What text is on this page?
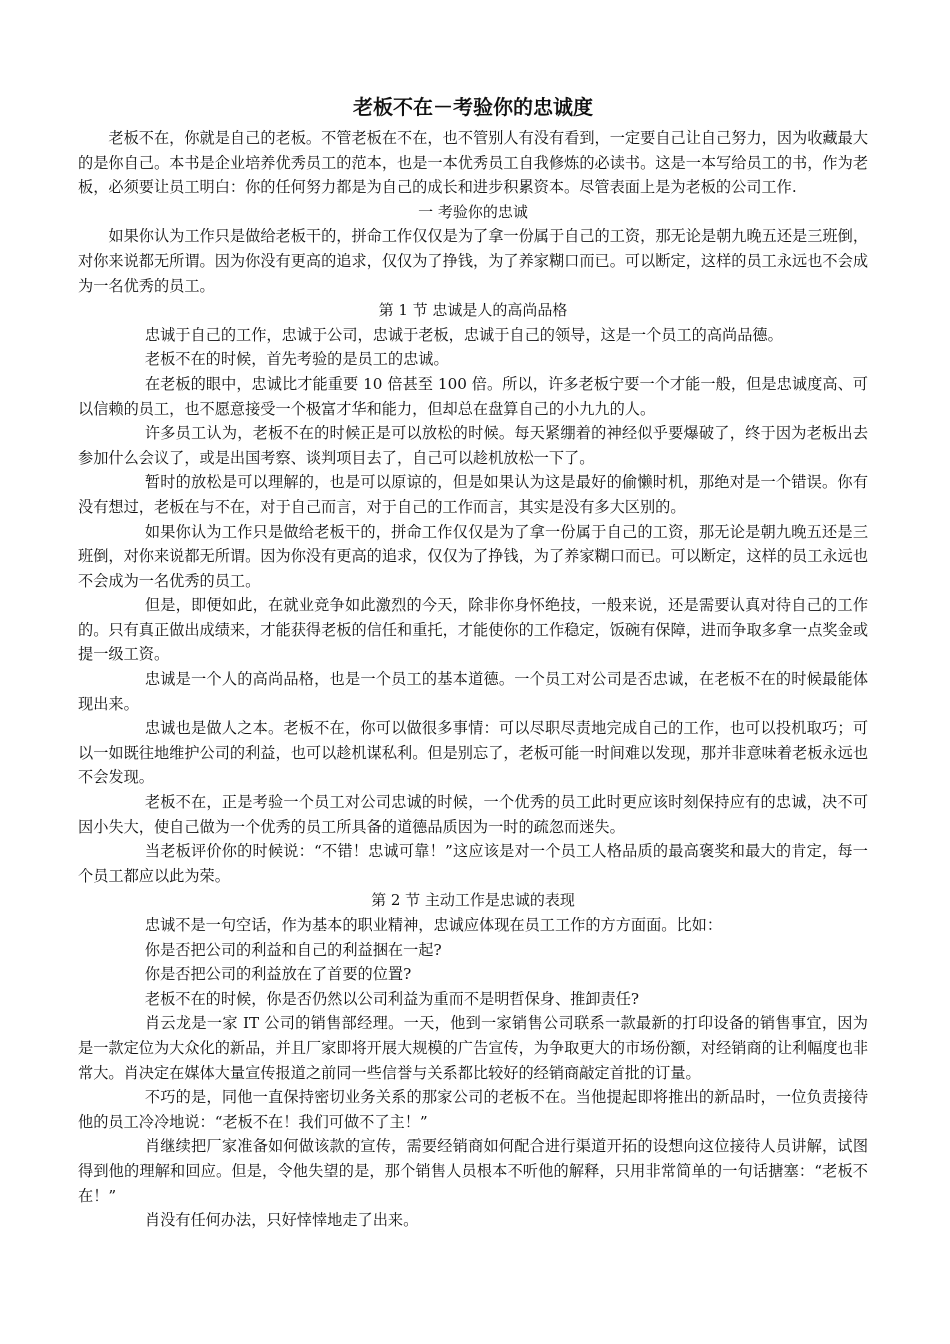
老板不在－考验你的忠诚度

老板不在，你就是自己的老板。不管老板在不在，也不管别人有没有看到，一定要自己让自己努力，因为收藏最大的是你自己。本书是企业培养优秀员工的范本，也是一本优秀员工自我修炼的必读书。这是一本写给员工的书，作为老板，必须要让员工明白：你的任何努力都是为自己的成长和进步积累资本。尽管表面上是为老板的公司工作.

一 考验你的忠诚

如果你认为工作只是做给老板干的，拼命工作仅仅是为了拿一份属于自己的工资，那无论是朝九晚五还是三班倒，对你来说都无所谓。因为你没有更高的追求，仅仅为了挣钱，为了养家糊口而已。可以断定，这样的员工永远也不会成为一名优秀的员工。

第 1 节 忠诚是人的高尚品格

忠诚于自己的工作，忠诚于公司，忠诚于老板，忠诚于自己的领导，这是一个员工的高尚品德。

老板不在的时候，首先考验的是员工的忠诚。

在老板的眼中，忠诚比才能重要 10 倍甚至 100 倍。所以，许多老板宁要一个才能一般，但是忠诚度高、可以信赖的员工，也不愿意接受一个极富才华和能力，但却总在盘算自己的小九九的人。

许多员工认为，老板不在的时候正是可以放松的时候。每天紧绷着的神经似乎要爆破了，终于因为老板出去参加什么会议了，或是出国考察、谈判项目去了，自己可以趁机放松一下了。

暂时的放松是可以理解的，也是可以原谅的，但是如果认为这是最好的偷懒时机，那绝对是一个错误。你有没有想过，老板在与不在，对于自己而言，对于自己的工作而言，其实是没有多大区别的。

如果你认为工作只是做给老板干的，拼命工作仅仅是为了拿一份属于自己的工资，那无论是朝九晚五还是三班倒，对你来说都无所谓。因为你没有更高的追求，仅仅为了挣钱，为了养家糊口而已。可以断定，这样的员工永远也不会成为一名优秀的员工。

但是，即便如此，在就业竞争如此激烈的今天，除非你身怀绝技，一般来说，还是需要认真对待自己的工作的。只有真正做出成绩来，才能获得老板的信任和重托，才能使你的工作稳定，饭碗有保障，进而争取多拿一点奖金或提一级工资。

忠诚是一个人的高尚品格，也是一个员工的基本道德。一个员工对公司是否忠诚，在老板不在的时候最能体现出来。

忠诚也是做人之本。老板不在，你可以做很多事情：可以尽职尽责地完成自己的工作，也可以投机取巧；可以一如既往地维护公司的利益，也可以趁机谋私利。但是别忘了，老板可能一时间难以发现，那并非意味着老板永远也不会发现。

老板不在，正是考验一个员工对公司忠诚的时候，一个优秀的员工此时更应该时刻保持应有的忠诚，决不可因小失大，使自己做为一个优秀的员工所具备的道德品质因为一时的疏忽而迷失。

当老板评价你的时候说：“不错！忠诚可靠！”这应该是对一个员工人格品质的最高褒奖和最大的肯定，每一个员工都应以此为荣。

第 2 节 主动工作是忠诚的表现

忠诚不是一句空话，作为基本的职业精神，忠诚应体现在员工工作的方方面面。比如：

你是否把公司的利益和自己的利益捆在一起?

你是否把公司的利益放在了首要的位置?

老板不在的时候，你是否仍然以公司利益为重而不是明哲保身、推卸责任?

肖云龙是一家 IT 公司的销售部经理。一天，他到一家销售公司联系一款最新的打印设备的销售事宜，因为是一款定位为大众化的新品，并且厂家即将开展大规模的广告宣传，为争取更大的市场份额，对经销商的让利幅度也非常大。肖决定在媒体大量宣传报道之前同一些信誉与关系都比较好的经销商敲定首批的订量。

不巧的是，同他一直保持密切业务关系的那家公司的老板不在。当他提起即将推出的新品时，一位负责接待他的员工冷冷地说：“老板不在！我们可做不了主！”

肖继续把厂家准备如何做该款的宣传，需要经销商如何配合进行渠道开拓的设想向这位接待人员讲解，试图得到他的理解和回应。但是，令他失望的是，那个销售人员根本不听他的解释，只用非常简单的一句话搪塞：“老板不在！”

肖没有任何办法，只好悻悻地走了出来。
